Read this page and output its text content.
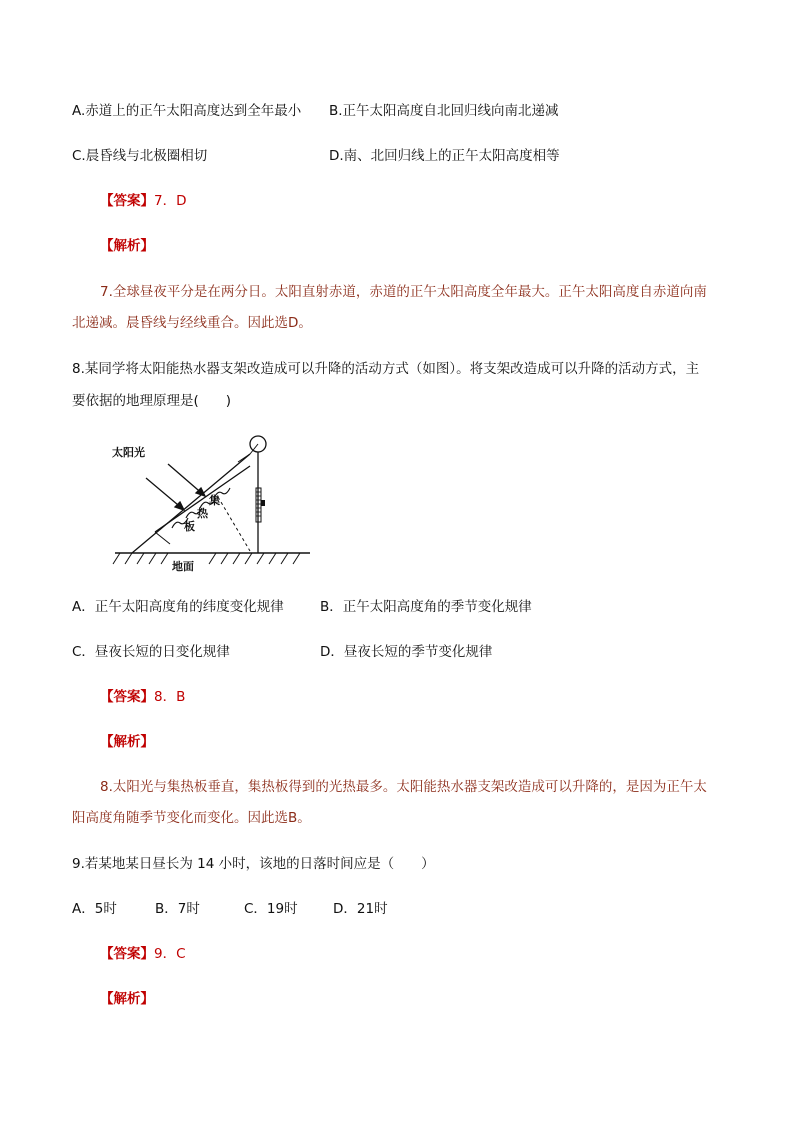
A.赤道上的正午太阳高度达到全年最小 B.正午太阳高度自北回归线向南北递减
C.晨昏线与北极圈相切	D.南、北回归线上的正午太阳高度相等
【答案】7．D
【解析】
7.全球昼夜平分是在两分日。太阳直射赤道，赤道的正午太阳高度全年最大。正午太阳高度自赤道向南
北递减。晨昏线与经线重合。因此选D。
8.某同学将太阳能热水器支架改造成可以升降的活动方式（如图）。将支架改造成可以升降的活动方式，主
要依据的地理原理是(　　)
太阳光
集
热
板
地面
A．正午太阳高度角的纬度变化规律	B．正午太阳高度角的季节变化规律
C．昼夜长短的日变化规律	D．昼夜长短的季节变化规律
【答案】8．B
【解析】
8.太阳光与集热板垂直，集热板得到的光热最多。太阳能热水器支架改造成可以升降的，是因为正午太
阳高度角随季节变化而变化。因此选B。
9.若某地某日昼长为 14 小时，该地的日落时间应是（　　）
A．5时	B．7时	C．19时	D．21时
【答案】9．C
【解析】
